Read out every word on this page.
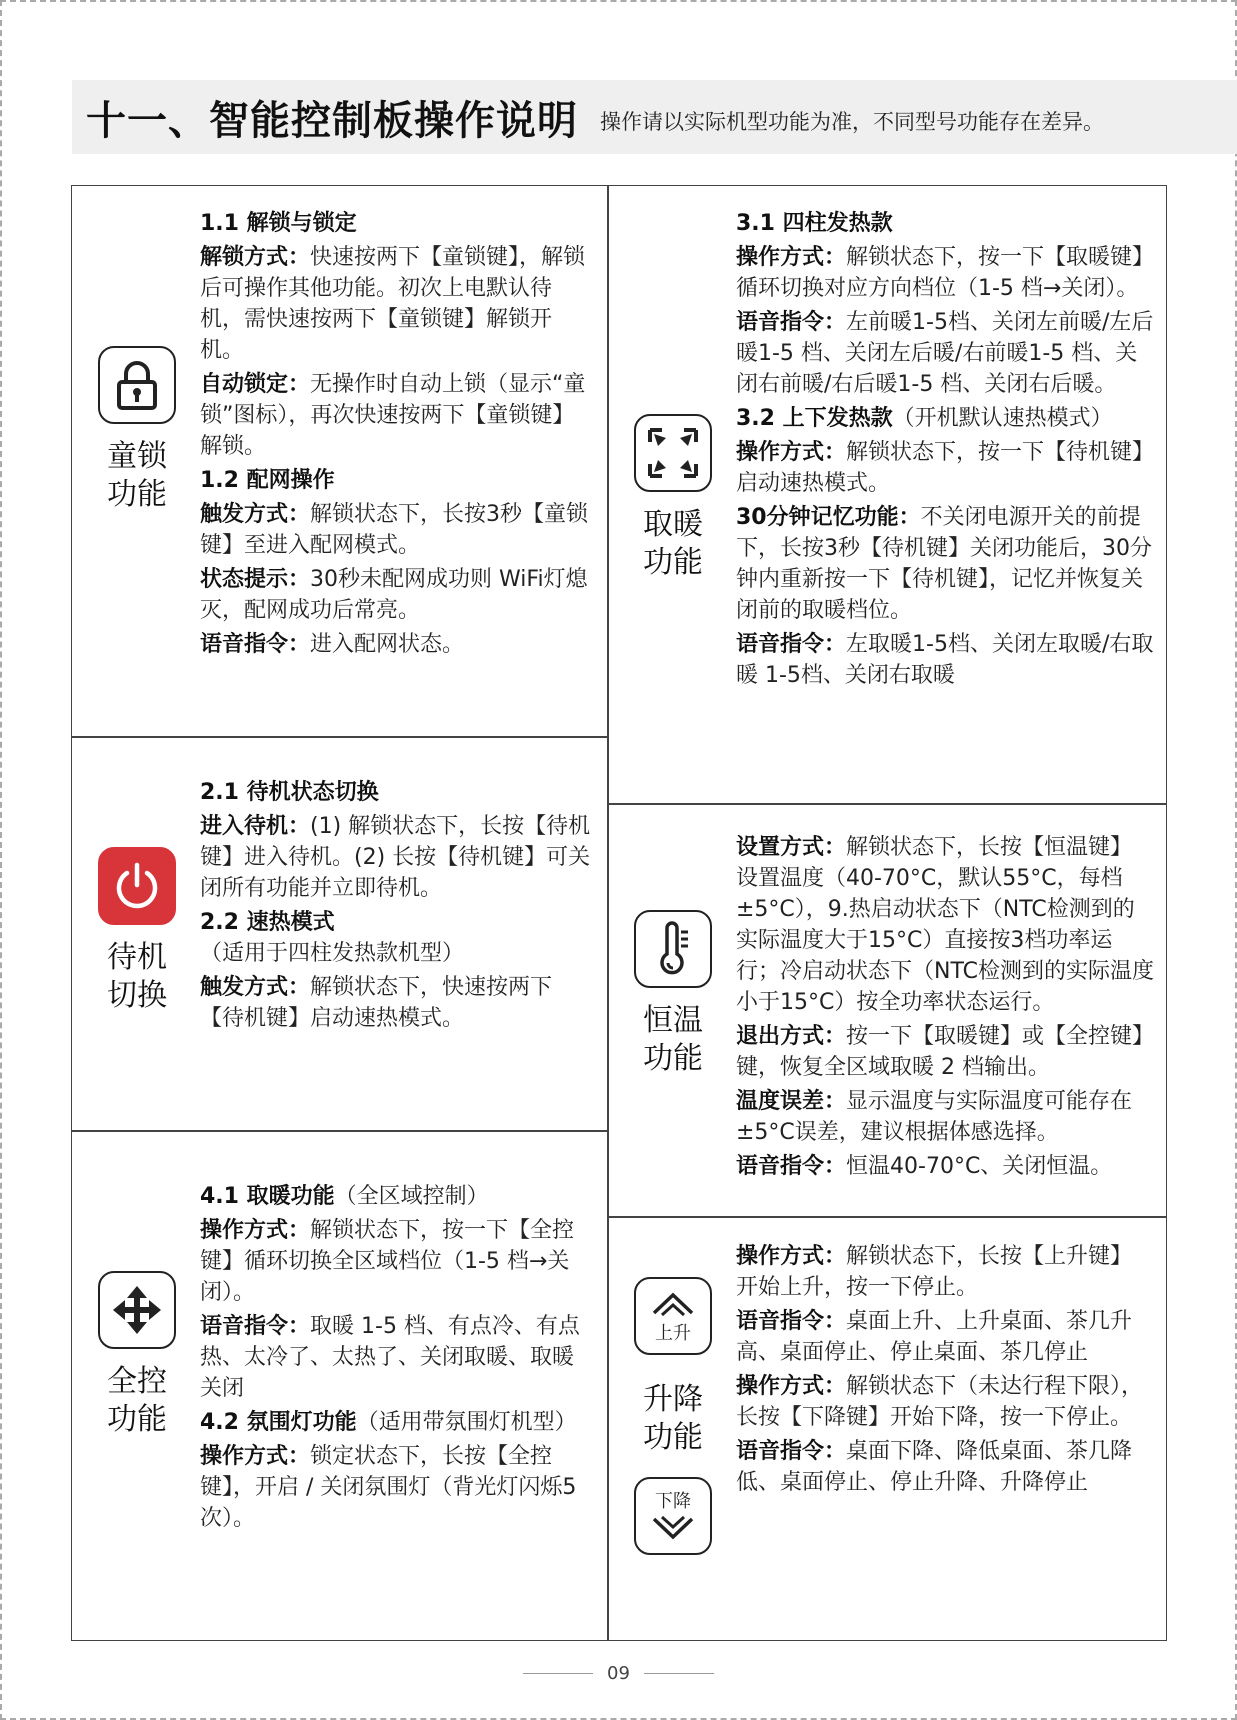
十一、智能控制板操作说明 操作请以实际机型功能为准，不同型号功能存在差异。
童锁功能

1.1 解锁与锁定

解锁方式：快速按两下【童锁键】，解锁后可操作其他功能。初次上电默认待机，需快速按两下【童锁键】解锁开机。

自动锁定：无操作时自动上锁（显示“童锁”图标），再次快速按两下【童锁键】解锁。

1.2 配网操作

触发方式：解锁状态下，长按3秒【童锁键】至进入配网模式。

状态提示：30秒未配网成功则 WiFi灯熄灭，配网成功后常亮。

语音指令：进入配网状态。

待机切换

2.1 待机状态切换

进入待机：(1) 解锁状态下，长按【待机键】进入待机。(2) 长按【待机键】可关闭所有功能并立即待机。

2.2 速热模式（适用于四柱发热款机型）

触发方式：解锁状态下，快速按两下【待机键】启动速热模式。

全控功能

4.1 取暖功能（全区域控制）

操作方式：解锁状态下，按一下【全控键】循环切换全区域档位（1-5 档→关闭）。

语音指令：取暖 1-5 档、有点冷、有点热、太冷了、太热了、关闭取暖、取暖关闭

4.2 氛围灯功能（适用带氛围灯机型）

操作方式：锁定状态下，长按【全控键】，开启 / 关闭氛围灯（背光灯闪烁5次）。

取暖功能

3.1 四柱发热款

操作方式：解锁状态下，按一下【取暖键】循环切换对应方向档位（1-5 档→关闭）。

语音指令：左前暖1-5档、关闭左前暖/左后暖1-5 档、关闭左后暖/右前暖1-5 档、关闭右前暖/右后暖1-5 档、关闭右后暖。

3.2 上下发热款（开机默认速热模式）

操作方式：解锁状态下，按一下【待机键】启动速热模式。

30分钟记忆功能：不关闭电源开关的前提下，长按3秒【待机键】关闭功能后，30分钟内重新按一下【待机键】，记忆并恢复关闭前的取暖档位。

语音指令：左取暖1-5档、关闭左取暖/右取暖 1-5档、关闭右取暖

恒温功能

设置方式：解锁状态下，长按【恒温键】设置温度（40-70°C，默认55°C，每档±5°C），9.热启动状态下（NTC检测到的实际温度大于15°C）直接按3档功率运行；冷启动状态下（NTC检测到的实际温度小于15°C）按全功率状态运行。

退出方式：按一下【取暖键】或【全控键】键，恢复全区域取暖 2 档输出。

温度误差：显示温度与实际温度可能存在±5°C误差，建议根据体感选择。

语音指令：恒温40-70°C、关闭恒温。

上升
升降功能
下降

操作方式：解锁状态下，长按【上升键】开始上升，按一下停止。

语音指令：桌面上升、上升桌面、茶几升高、桌面停止、停止桌面、茶几停止

操作方式：解锁状态下（未达行程下限），长按【下降键】开始下降，按一下停止。

语音指令：桌面下降、降低桌面、茶几降低、桌面停止、停止升降、升降停止

09
